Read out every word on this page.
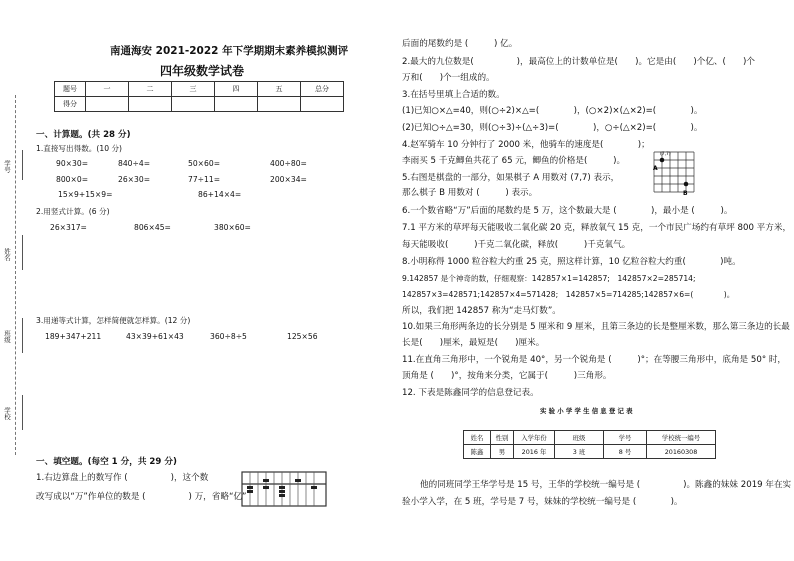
学号
姓名
班级
学校
南通海安 2021-2022 年下学期期末素养模拟测评
四年级数学试卷
题号	一	二	三	四	五	总分
得分						
一、计算题。(共 28 分)
1.直接写出得数。(10 分)
90×30=	840÷4=	50×60=	400÷80=
800×0=	26×30=	77÷11=	200×34=
15×9+15×9=	86+14×4=
2.用竖式计算。(6 分)
26×317=	806×45=	380×60=
3.用递等式计算，怎样简便就怎样算。(12 分)
189+347+211	43×39+61×43	360÷8÷5	125×56
一、填空题。(每空 1 分，共 29 分)
1.右边算盘上的数写作 (　　　　　)，这个数
改写成以“万”作单位的数是 (　　　　　) 万，省略“亿”
后面的尾数约是 (　　　) 亿。
2.最大的九位数是(　　　　　)，最高位上的计数单位是(　　)。它是由(　　)个亿、(　　)个
万和(　　)个一组成的。
3.在括号里填上合适的数。
(1)已知○×△=40，则(○÷2)×△=(　　　　)，(○×2)×(△×2)=(　　　　)。
(2)已知○÷△=30，则(○÷3)÷(△÷3)=(　　　　)，○÷(△×2)=(　　　　)。
4.赵军骑车 10 分钟行了 2000 米，他骑车的速度是(　　　　)；
李雨买 5 千克鲫鱼共花了 65 元，鲫鱼的价格是(　　　)。
5.右图是棋盘的一部分，如果棋子 A 用数对 (7,7) 表示，
那么棋子 B 用数对 (　　　) 表示。
(7,7)
A
B
6.一个数省略“万”后面的尾数约是 5 万，这个数最大是 (　　　　)，最小是 (　　　)。
7.1 平方米的草坪每天能吸收二氧化碳 20 克，释放氧气 15 克，一个市民广场约有草坪 800 平方米，
每天能吸收(　　　)千克二氧化碳，释放(　　　)千克氧气。
8.小明称得 1000 粒谷粒大约重 25 克，照这样计算，10 亿粒谷粒大约重(　　　　)吨。
9.142857 是个神奇的数，仔细观察：142857×1=142857;　142857×2=285714;
142857×3=428571;142857×4=571428;　142857×5=714285;142857×6=(　　　　)。
所以，我们把 142857 称为“走马灯数”。
10.如果三角形两条边的长分别是 5 厘米和 9 厘米，且第三条边的长是整厘米数，那么第三条边的长最
长是(　　)厘米，最短是(　　)厘米。
11.在直角三角形中，一个锐角是 40°，另一个锐角是 (　　　)°；在等腰三角形中，底角是 50° 时，
顶角是 (　　)°，按角来分类，它属于(　　　)三角形。
12. 下表是陈鑫同学的信息登记表。
实 验 小 学 学 生 信 息 登 记 表
姓名	性别	入学年份	班级	学号	学校统一编号
陈鑫	男	2016 年	3 班	8 号	20160308
他的同班同学王华学号是 15 号，王华的学校统一编号是 (　　　　　)。陈鑫的妹妹 2019 年在实
验小学入学，在 5 班，学号是 7 号，妹妹的学校统一编号是 (　　　　)。
